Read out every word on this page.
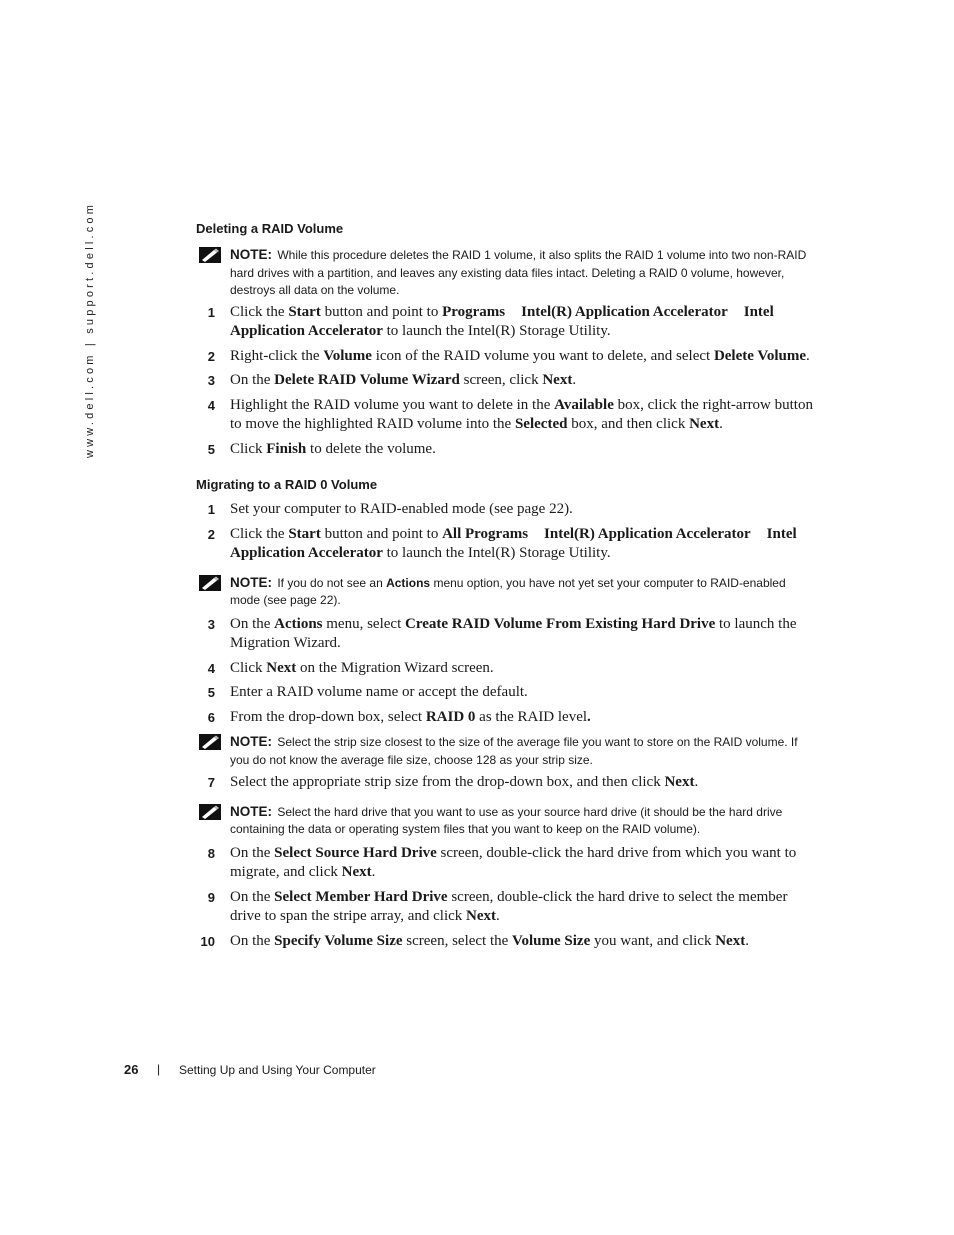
www.dell.com | support.dell.com	Deleting a RAID Volume
NOTE: While this procedure deletes the RAID 1 volume, it also splits the RAID 1 volume into two non-RAID hard drives with a partition, and leaves any existing data files intact. Deleting a RAID 0 volume, however, destroys all data on the volume.
1 Click the Start button and point to Programs Intel(R) Application Accelerator Intel Application Accelerator to launch the Intel(R) Storage Utility.
2 Right-click the Volume icon of the RAID volume you want to delete, and select Delete Volume.
3 On the Delete RAID Volume Wizard screen, click Next.
4 Highlight the RAID volume you want to delete in the Available box, click the right-arrow button to move the highlighted RAID volume into the Selected box, and then click Next.
5 Click Finish to delete the volume.
Migrating to a RAID 0 Volume
1 Set your computer to RAID-enabled mode (see page 22).
2 Click the Start button and point to All Programs Intel(R) Application Accelerator Intel Application Accelerator to launch the Intel(R) Storage Utility.
NOTE: If you do not see an Actions menu option, you have not yet set your computer to RAID-enabled mode (see page 22).
3 On the Actions menu, select Create RAID Volume From Existing Hard Drive to launch the Migration Wizard.
4 Click Next on the Migration Wizard screen.
5 Enter a RAID volume name or accept the default.
6 From the drop-down box, select RAID 0 as the RAID level.
NOTE: Select the strip size closest to the size of the average file you want to store on the RAID volume. If you do not know the average file size, choose 128 as your strip size.
7 Select the appropriate strip size from the drop-down box, and then click Next.
NOTE: Select the hard drive that you want to use as your source hard drive (it should be the hard drive containing the data or operating system files that you want to keep on the RAID volume).
8 On the Select Source Hard Drive screen, double-click the hard drive from which you want to migrate, and click Next.
9 On the Select Member Hard Drive screen, double-click the hard drive to select the member drive to span the stripe array, and click Next.
10 On the Specify Volume Size screen, select the Volume Size you want, and click Next.
26 | Setting Up and Using Your Computer
